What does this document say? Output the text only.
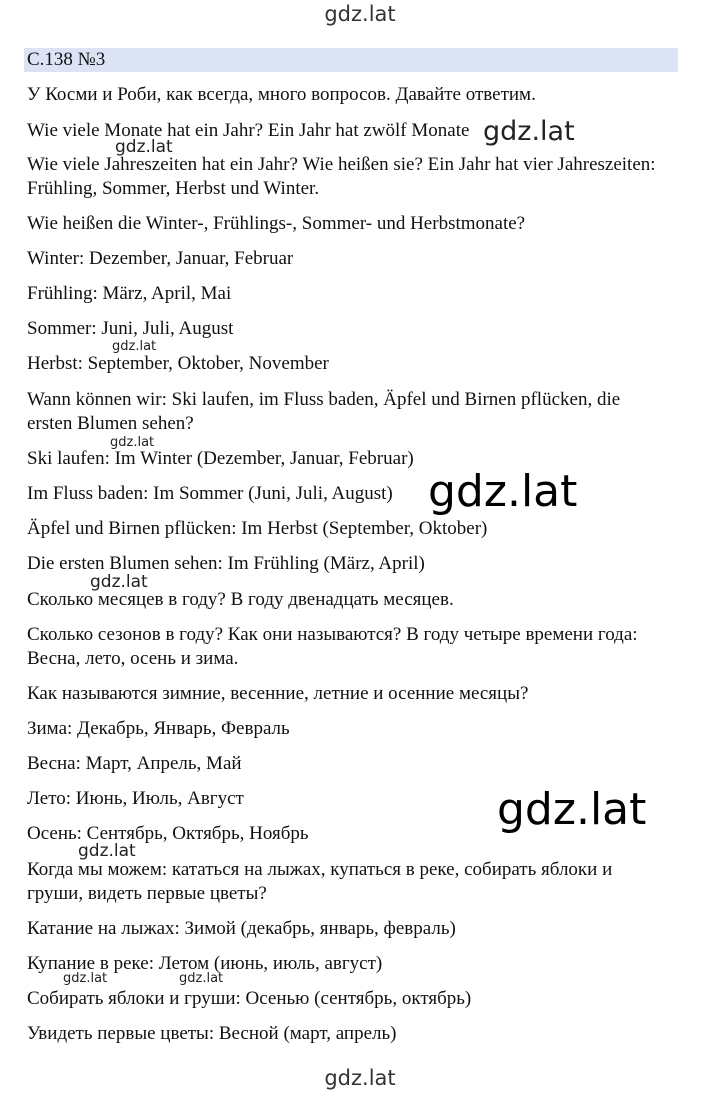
gdz.lat
С.138 №3

У Косми и Роби, как всегда, много вопросов. Давайте ответим.

Wie viele Monate hat ein Jahr? Ein Jahr hat zwölf Monate

Wie viele Jahreszeiten hat ein Jahr? Wie heißen sie? Ein Jahr hat vier Jahreszeiten:

Frühling, Sommer, Herbst und Winter.

Wie heißen die Winter-, Frühlings-, Sommer- und Herbstmonate?

Winter: Dezember, Januar, Februar

Frühling: März, April, Mai

Sommer: Juni, Juli, August

Herbst: September, Oktober, November

Wann können wir: Ski laufen, im Fluss baden, Äpfel und Birnen pflücken, die

ersten Blumen sehen?

Ski laufen: Im Winter (Dezember, Januar, Februar)

Im Fluss baden: Im Sommer (Juni, Juli, August)

Äpfel und Birnen pflücken: Im Herbst (September, Oktober)

Die ersten Blumen sehen: Im Frühling (März, April)

Сколько месяцев в году? В году двенадцать месяцев.

Сколько сезонов в году? Как они называются? В году четыре времени года:

Весна, лето, осень и зима.

Как называются зимние, весенние, летние и осенние месяцы?

Зима: Декабрь, Январь, Февраль

Весна: Март, Апрель, Май

Лето: Июнь, Июль, Август

Осень: Сентябрь, Октябрь, Ноябрь

Когда мы можем: кататься на лыжах, купаться в реке, собирать яблоки и

груши, видеть первые цветы?

Катание на лыжах: Зимой (декабрь, январь, февраль)

Купание в реке: Летом (июнь, июль, август)

Собирать яблоки и груши: Осенью (сентябрь, октябрь)

Увидеть первые цветы: Весной (март, апрель)

gdz.lat
gdz.lat
gdz.lat
gdz.lat
gdz.lat
gdz.lat
gdz.lat
gdz.lat
gdz.lat	gdz.lat
gdz.lat
